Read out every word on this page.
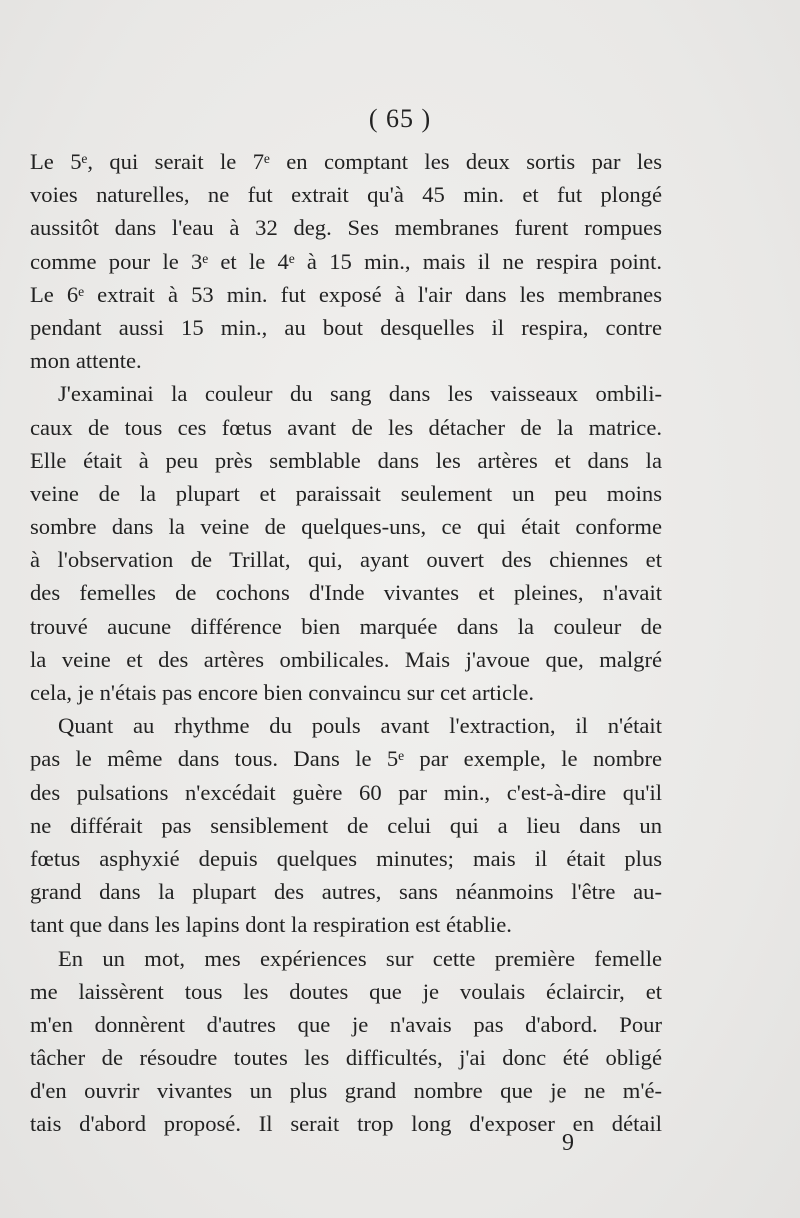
( 65 )
Le 5ᵉ, qui serait le 7ᵉ en comptant les deux sortis par les
voies naturelles, ne fut extrait qu'à 45 min. et fut plongé
aussitôt dans l'eau à 32 deg. Ses membranes furent rompues
comme pour le 3ᵉ et le 4ᵉ à 15 min., mais il ne respira point.
Le 6ᵉ extrait à 53 min. fut exposé à l'air dans les membranes
pendant aussi 15 min., au bout desquelles il respira, contre
mon attente.
J'examinai la couleur du sang dans les vaisseaux ombili-
caux de tous ces fœtus avant de les détacher de la matrice.
Elle était à peu près semblable dans les artères et dans la
veine de la plupart et paraissait seulement un peu moins
sombre dans la veine de quelques-uns, ce qui était conforme
à l'observation de Trillat, qui, ayant ouvert des chiennes et
des femelles de cochons d'Inde vivantes et pleines, n'avait
trouvé aucune différence bien marquée dans la couleur de
la veine et des artères ombilicales. Mais j'avoue que, malgré
cela, je n'étais pas encore bien convaincu sur cet article.
Quant au rhythme du pouls avant l'extraction, il n'était
pas le même dans tous. Dans le 5ᵉ par exemple, le nombre
des pulsations n'excédait guère 60 par min., c'est-à-dire qu'il
ne différait pas sensiblement de celui qui a lieu dans un
fœtus asphyxié depuis quelques minutes; mais il était plus
grand dans la plupart des autres, sans néanmoins l'être au-
tant que dans les lapins dont la respiration est établie.
En un mot, mes expériences sur cette première femelle
me laissèrent tous les doutes que je voulais éclaircir, et
m'en donnèrent d'autres que je n'avais pas d'abord. Pour
tâcher de résoudre toutes les difficultés, j'ai donc été obligé
d'en ouvrir vivantes un plus grand nombre que je ne m'é-
tais d'abord proposé. Il serait trop long d'exposer en détail
9
